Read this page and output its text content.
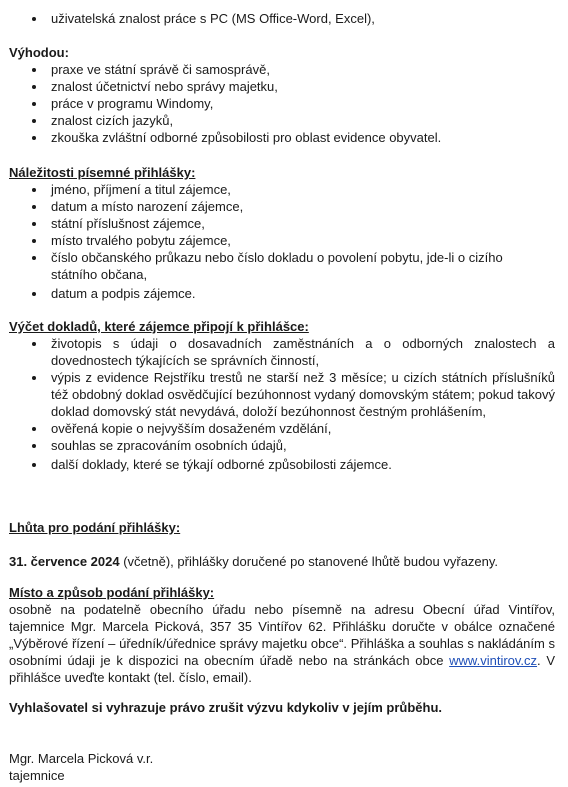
uživatelská znalost práce s PC (MS Office-Word, Excel),
Výhodou:
praxe ve státní správě či samosprávě,
znalost účetnictví nebo správy majetku,
práce v programu Windomy,
znalost cizích jazyků,
zkouška zvláštní odborné způsobilosti pro oblast evidence obyvatel.
Náležitosti písemné přihlášky:
jméno, příjmení a titul zájemce,
datum a místo narození zájemce,
státní příslušnost zájemce,
místo trvalého pobytu zájemce,
číslo občanského průkazu nebo číslo dokladu o povolení pobytu, jde-li o cizího státního občana,
datum a podpis zájemce.
Výčet dokladů, které zájemce připojí k přihlášce:
životopis s údaji o dosavadních zaměstnáních a o odborných znalostech a dovednostech týkajících se správních činností,
výpis z evidence Rejstříku trestů ne starší než 3 měsíce; u cizích státních příslušníků též obdobný doklad osvědčující bezúhonnost vydaný domovským státem; pokud takový doklad domovský stát nevydává, doloží bezúhonnost čestným prohlášením,
ověřená kopie o nejvyšším dosaženém vzdělání,
souhlas se zpracováním osobních údajů,
další doklady, které se týkají odborné způsobilosti zájemce.
Lhůta pro podání přihlášky:
31. července 2024 (včetně), přihlášky doručené po stanovené lhůtě budou vyřazeny.
Místo a způsob podání přihlášky:
osobně na podatelně obecního úřadu nebo písemně na adresu Obecní úřad Vintířov, tajemnice Mgr. Marcela Picková, 357 35 Vintířov 62. Přihlášku doručte v obálce označené „Výběrové řízení – úředník/úřednice správy majetku obce“. Přihláška a souhlas s nakládáním s osobními údaji je k dispozici na obecním úřadě nebo na stránkách obce www.vintirov.cz. V přihlášce uveďte kontakt (tel. číslo, email).
Vyhlašovatel si vyhrazuje právo zrušit výzvu kdykoliv v jejím průběhu.
Mgr. Marcela Picková v.r.
tajemnice
